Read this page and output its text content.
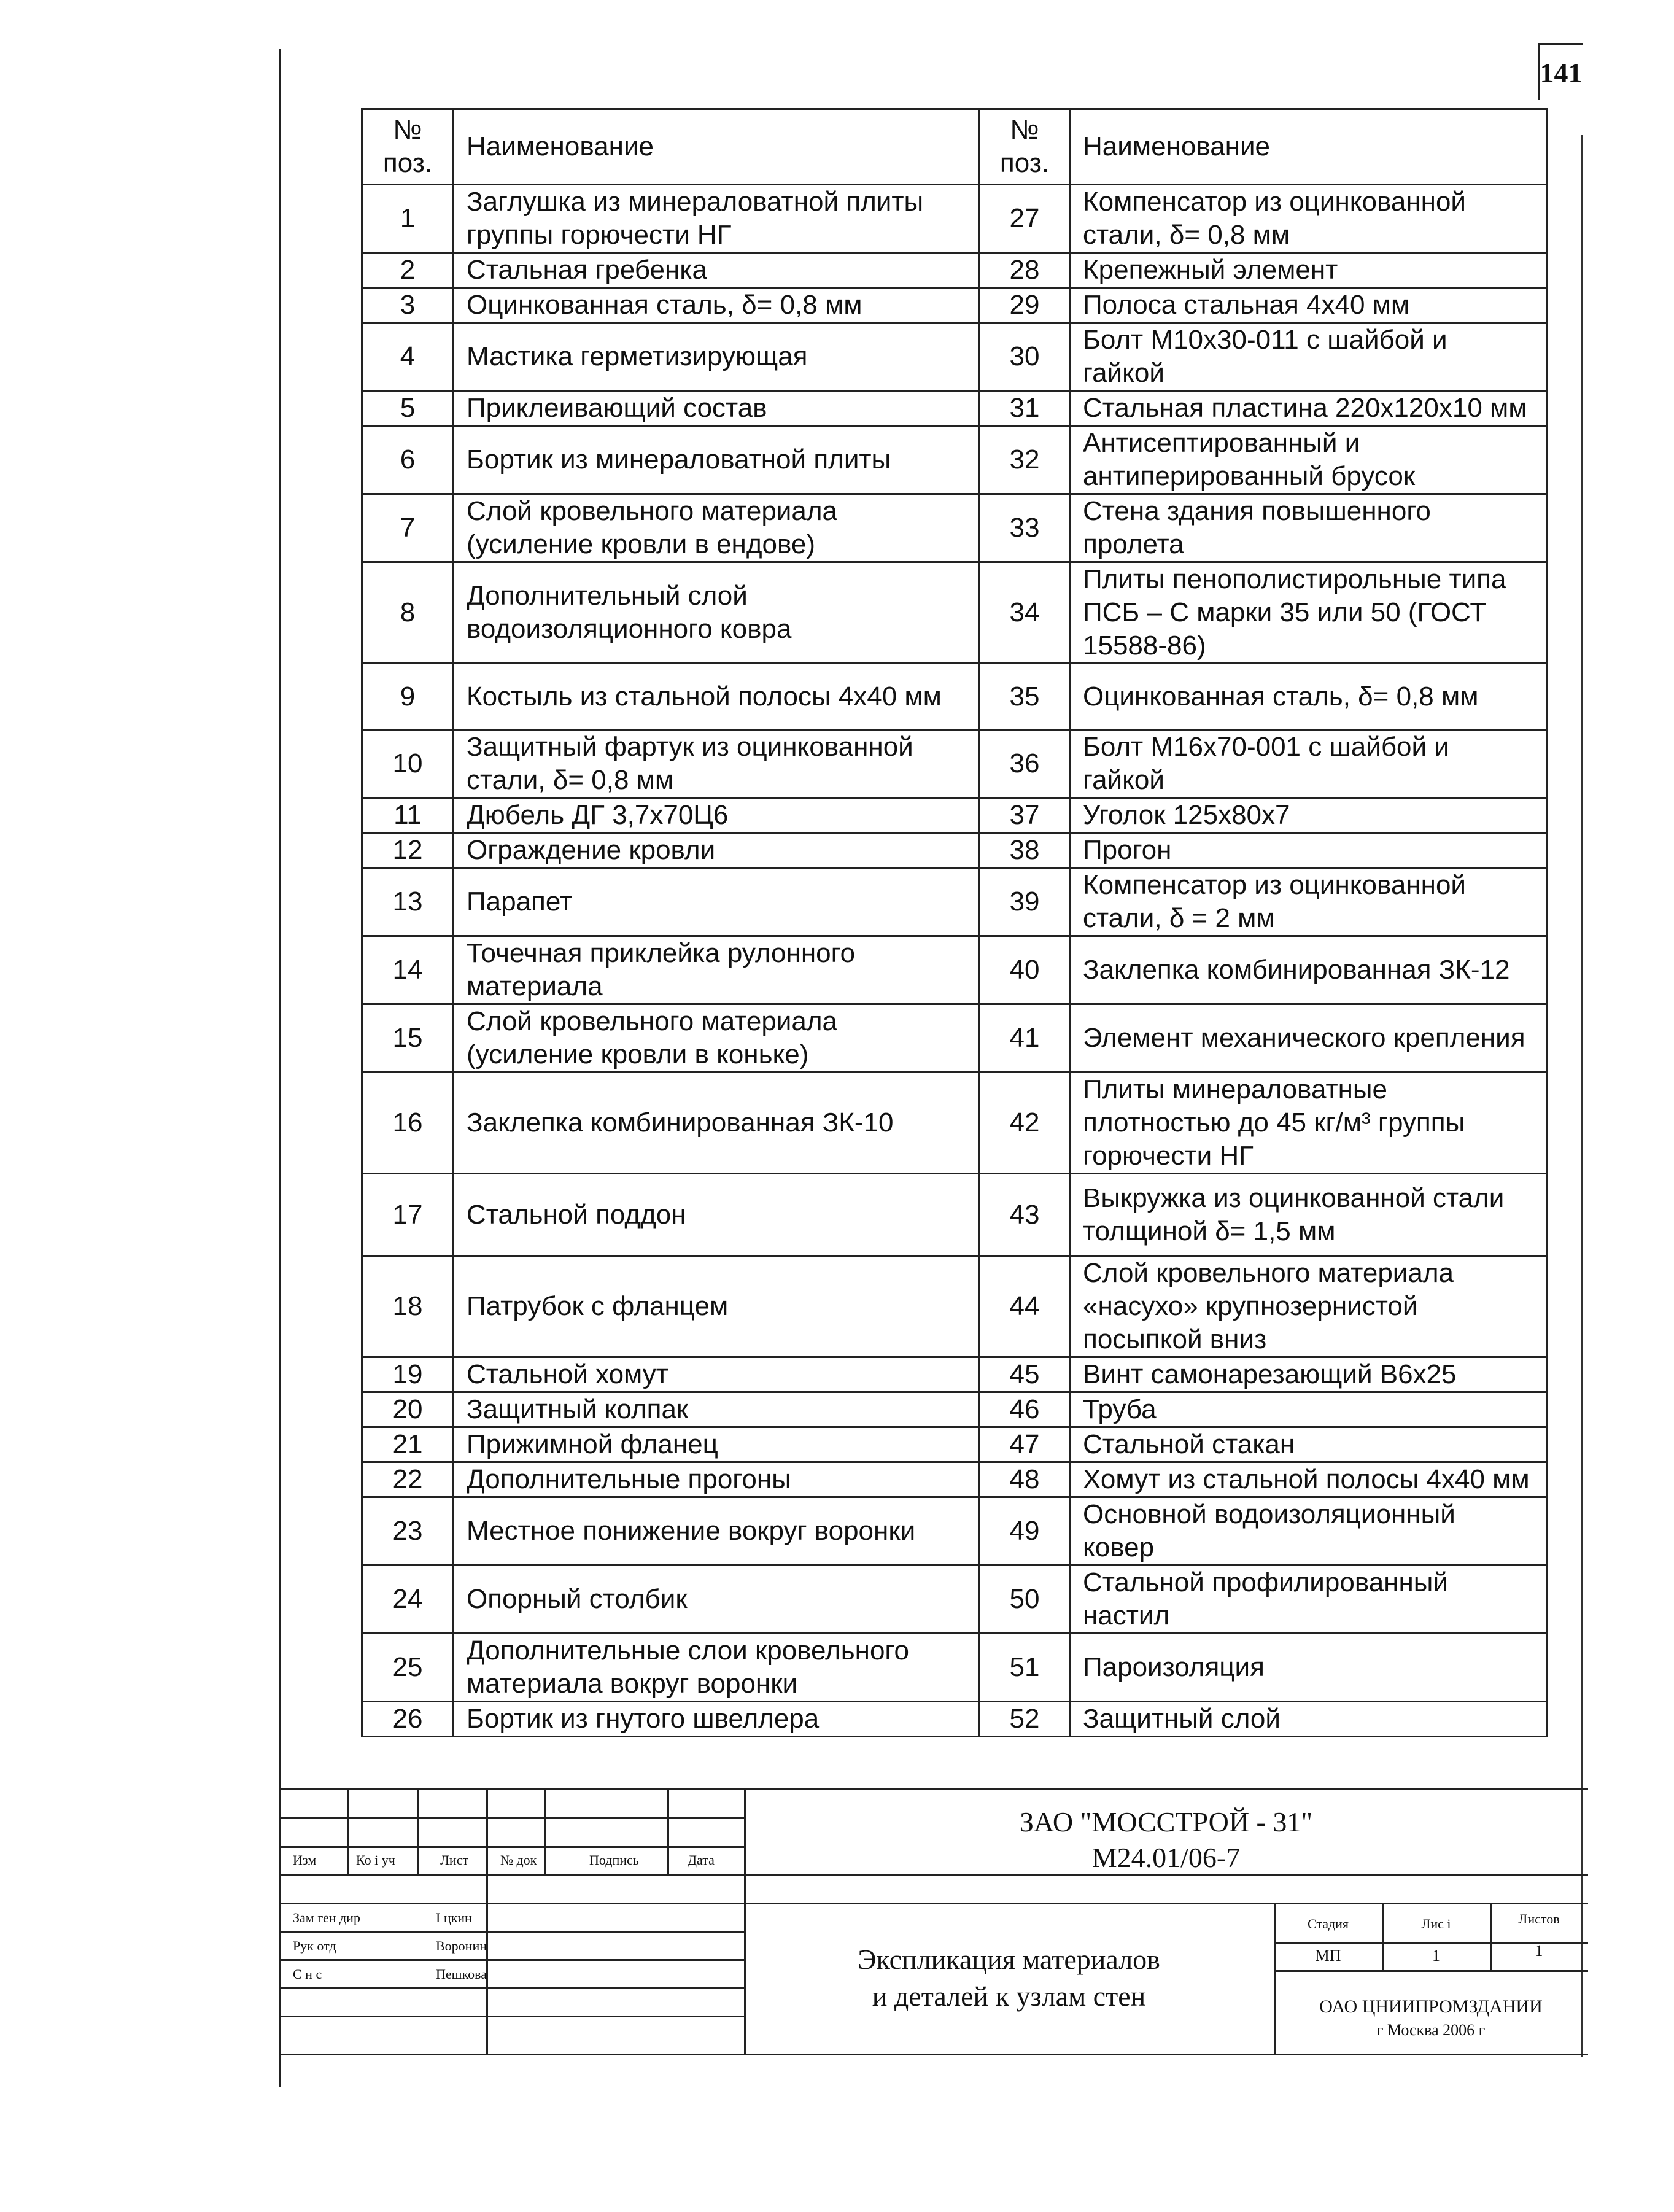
141
№ поз.	Наименование	№ поз.	Наименование
1	Заглушка из минераловатной плиты группы горючести НГ	27	Компенсатор из оцинкованной стали, δ= 0,8 мм
2	Стальная гребенка	28	Крепежный элемент
3	Оцинкованная сталь, δ= 0,8 мм	29	Полоса стальная 4х40 мм
4	Мастика герметизирующая	30	Болт М10х30-011 с шайбой и гайкой
5	Приклеивающий состав	31	Стальная пластина 220х120х10 мм
6	Бортик из минераловатной плиты	32	Антисептированный и антиперированный брусок
7	Слой кровельного материала (усиление кровли в ендове)	33	Стена здания повышенного пролета
8	Дополнительный слой водоизоляционного ковра	34	Плиты пенополистирольные типа ПСБ – С марки 35 или 50 (ГОСТ 15588-86)
9	Костыль из стальной полосы 4х40 мм	35	Оцинкованная сталь, δ= 0,8 мм
10	Защитный фартук из оцинкованной стали, δ= 0,8 мм	36	Болт М16х70-001 с шайбой и гайкой
11	Дюбель ДГ 3,7х70Ц6	37	Уголок 125х80х7
12	Ограждение кровли	38	Прогон
13	Парапет	39	Компенсатор из оцинкованной стали, δ = 2 мм
14	Точечная приклейка рулонного материала	40	Заклепка комбинированная ЗК-12
15	Слой кровельного материала (усиление кровли в коньке)	41	Элемент механического крепления
16	Заклепка комбинированная ЗК-10	42	Плиты минераловатные плотностью до 45 кг/м³ группы горючести НГ
17	Стальной поддон	43	Выкружка из оцинкованной стали толщиной δ= 1,5 мм
18	Патрубок с фланцем	44	Слой кровельного материала «насухо» крупнозернистой посыпкой вниз
19	Стальной хомут	45	Винт самонарезающий В6х25
20	Защитный колпак	46	Труба
21	Прижимной фланец	47	Стальной стакан
22	Дополнительные прогоны	48	Хомут из стальной полосы 4х40 мм
23	Местное понижение вокруг воронки	49	Основной водоизоляционный ковер
24	Опорный столбик	50	Стальной профилированный настил
25	Дополнительные слои кровельного материала вокруг воронки	51	Пароизоляция
26	Бортик из гнутого швеллера	52	Защитный слой
Изм	Ко і уч	Лист № док	Подпись	Дата
Зам ген дир	І цкин
Рук отд	Воронин
С н с	Пешкова
ЗАО "МОССТРОЙ - 31"
М24.01/06-7
Экспликация материалов
и деталей к узлам стен
Стадия	Лис і	Листов
МП	1	1
ОАО ЦНИИПРОМЗДАНИИ
г Москва 2006 г
